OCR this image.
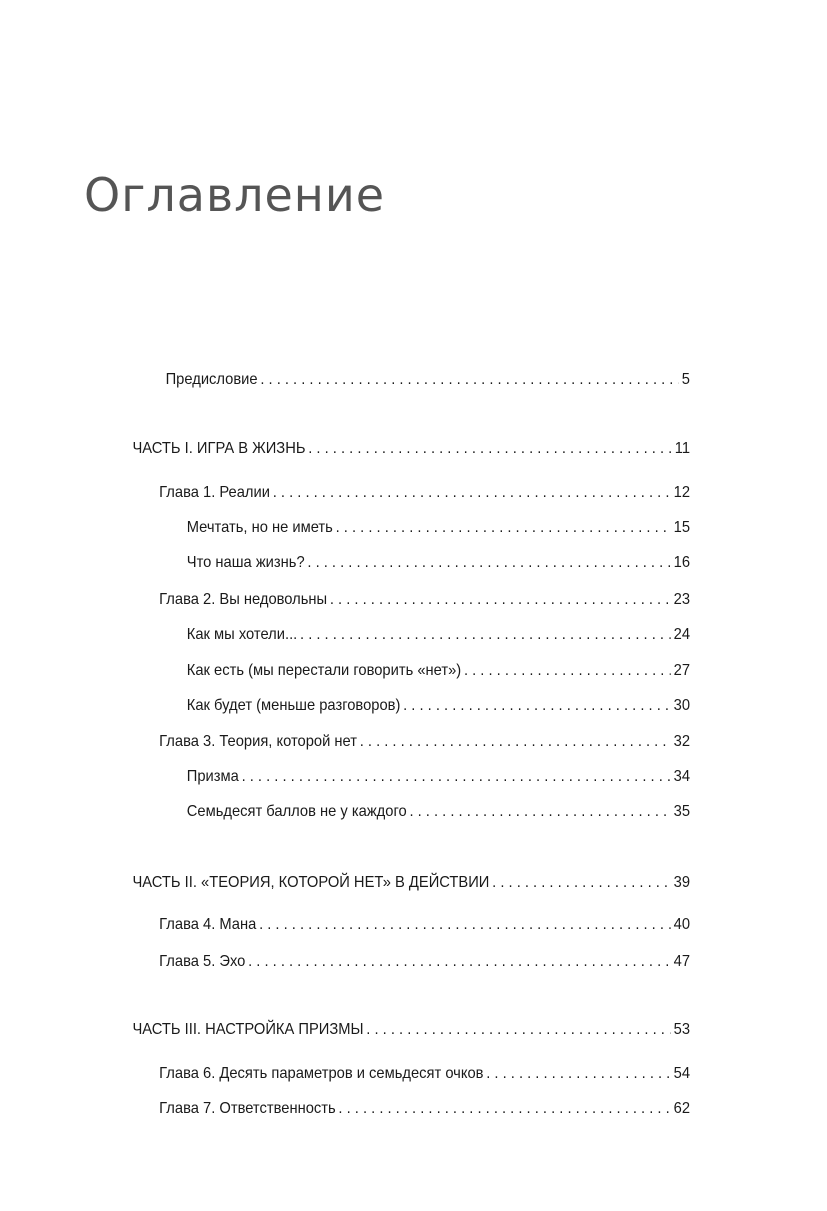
Оглавление
Предисловие . . .	5
ЧАСТЬ I. ИГРА В ЖИЗНЬ . . .	11
Глава 1. Реалии . . .	12
Мечтать, но не иметь . . .	15
Что наша жизнь? . . .	16
Глава 2. Вы недовольны . . .	23
Как мы хотели... . . .	24
Как есть (мы перестали говорить «нет») . . .	27
Как будет (меньше разговоров) . . .	30
Глава 3. Теория, которой нет . . .	32
Призма . . .	34
Семьдесят баллов не у каждого . . .	35
ЧАСТЬ II. «ТЕОРИЯ, КОТОРОЙ НЕТ» В ДЕЙСТВИИ . . .	39
Глава 4. Мана . . .	40
Глава 5. Эхо . . .	47
ЧАСТЬ III. НАСТРОЙКА ПРИЗМЫ . . .	53
Глава 6. Десять параметров и семьдесят очков . . .	54
Глава 7. Ответственность . . .	62
